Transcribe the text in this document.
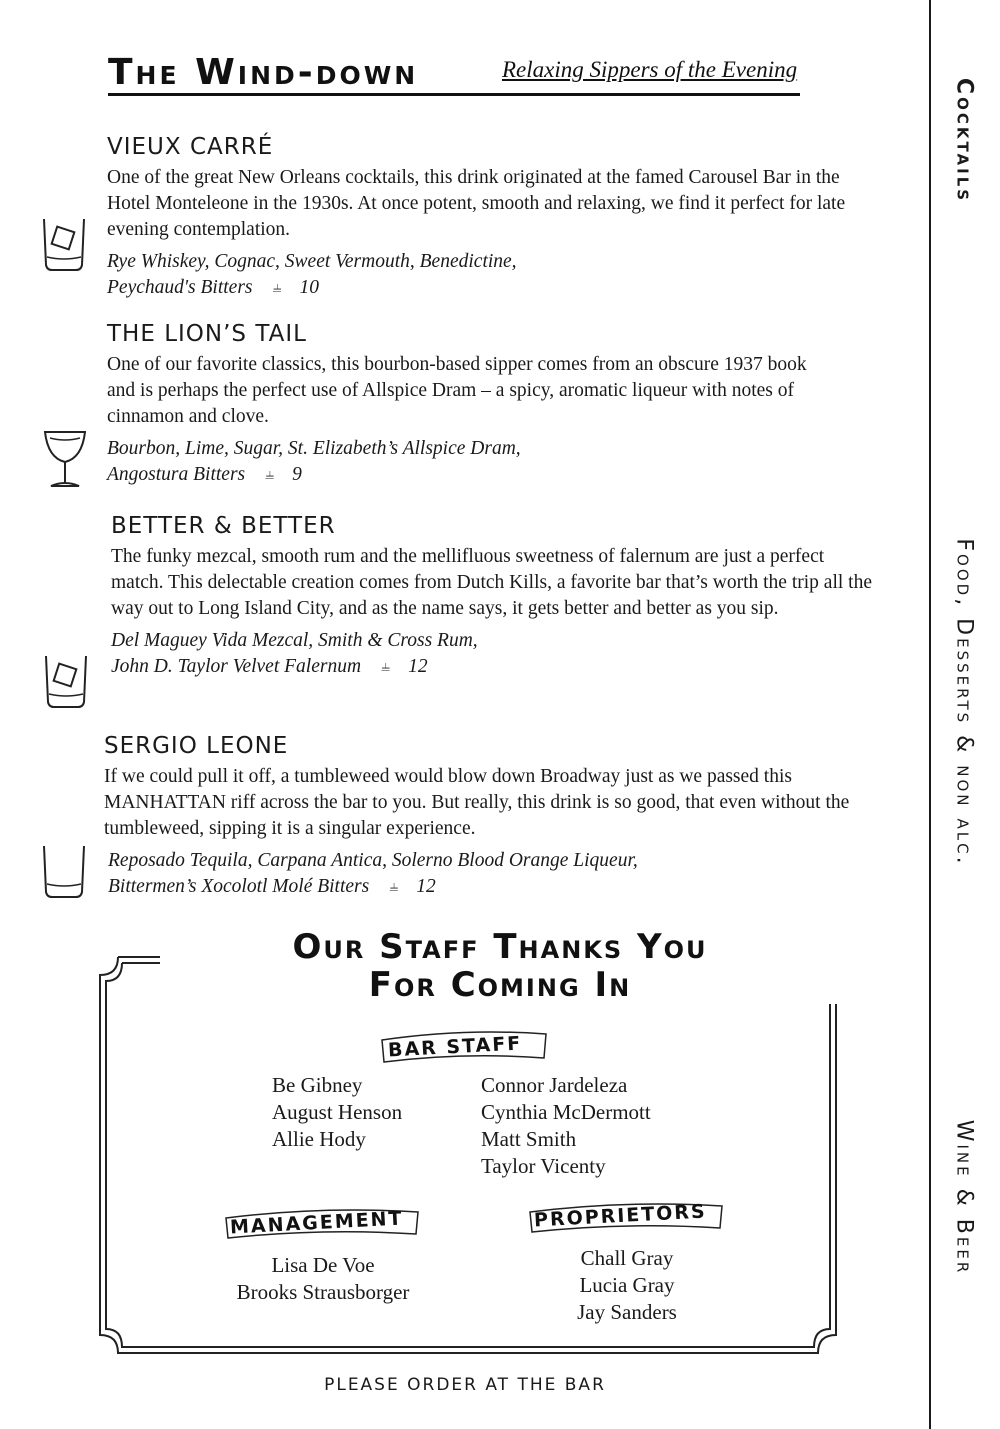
Cocktails
Food, Desserts & non alc.
Wine & Beer
The Wind-down	Relaxing Sippers of the Evening
VIEUX CARRÉ
One of the great New Orleans cocktails, this drink originated at the famed Carousel Bar in the Hotel Monteleone in the 1930s. At once potent, smooth and relaxing, we find it perfect for late evening contemplation.
Rye Whiskey, Cognac, Sweet Vermouth, Benedictine,
Peychaud's Bitters ⫨ 10
THE LION’S TAIL
One of our favorite classics, this bourbon-based sipper comes from an obscure 1937 book and is perhaps the perfect use of Allspice Dram – a spicy, aromatic liqueur with notes of cinnamon and clove.
Bourbon, Lime, Sugar, St. Elizabeth’s Allspice Dram,
Angostura Bitters ⫨ 9
BETTER & BETTER
The funky mezcal, smooth rum and the mellifluous sweetness of falernum are just a perfect match. This delectable creation comes from Dutch Kills, a favorite bar that’s worth the trip all the way out to Long Island City, and as the name says, it gets better and better as you sip.
Del Maguey Vida Mezcal, Smith & Cross Rum,
John D. Taylor Velvet Falernum ⫨ 12
SERGIO LEONE
If we could pull it off, a tumbleweed would blow down Broadway just as we passed this MANHATTAN riff across the bar to you. But really, this drink is so good, that even without the tumbleweed, sipping it is a singular experience.
Reposado Tequila, Carpana Antica, Solerno Blood Orange Liqueur,
Bittermen’s Xocolotl Molé Bitters ⫨ 12
Our Staff Thanks You
For Coming In
BAR STAFF
Be Gibney
August Henson
Allie Hody
Connor Jardeleza
Cynthia McDermott
Matt Smith
Taylor Vicenty
MANAGEMENT
Lisa De Voe
Brooks Strausborger
PROPRIETORS
Chall Gray
Lucia Gray
Jay Sanders
PLEASE ORDER AT THE BAR
